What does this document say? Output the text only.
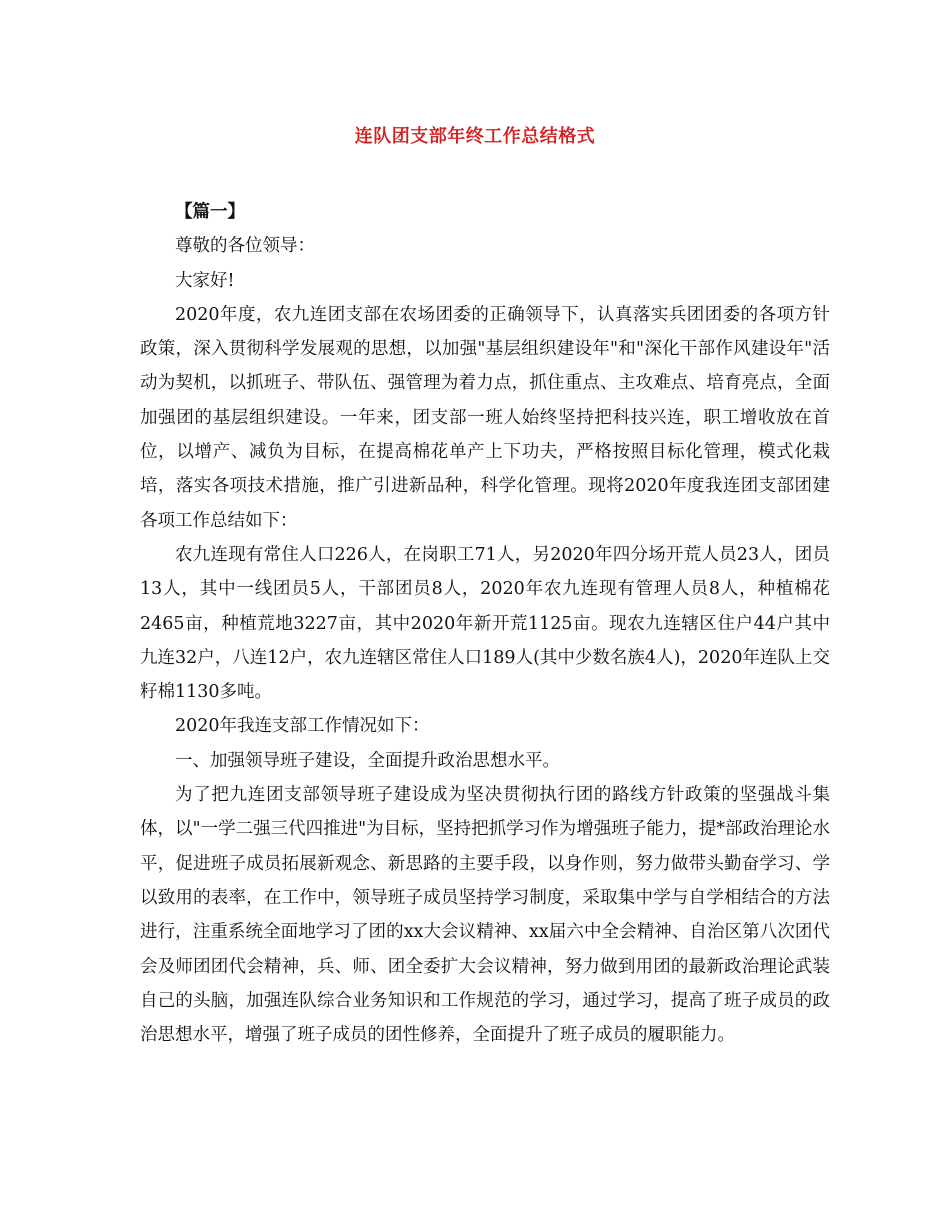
连队团支部年终工作总结格式

【篇一】

尊敬的各位领导：

大家好!

2020年度，农九连团支部在农场团委的正确领导下，认真落实兵团团委的各项方针政策，深入贯彻科学发展观的思想，以加强"基层组织建设年"和"深化干部作风建设年"活动为契机，以抓班子、带队伍、强管理为着力点，抓住重点、主攻难点、培育亮点，全面加强团的基层组织建设。一年来，团支部一班人始终坚持把科技兴连，职工增收放在首位，以增产、减负为目标，在提高棉花单产上下功夫，严格按照目标化管理，模式化栽培，落实各项技术措施，推广引进新品种，科学化管理。现将2020年度我连团支部团建各项工作总结如下：

农九连现有常住人口226人，在岗职工71人，另2020年四分场开荒人员23人，团员13人，其中一线团员5人，干部团员8人，2020年农九连现有管理人员8人，种植棉花2465亩，种植荒地3227亩，其中2020年新开荒1125亩。现农九连辖区住户44户其中九连32户，八连12户，农九连辖区常住人口189人(其中少数名族4人)，2020年连队上交籽棉1130多吨。

2020年我连支部工作情况如下：

一、加强领导班子建设，全面提升政治思想水平。

为了把九连团支部领导班子建设成为坚决贯彻执行团的路线方针政策的坚强战斗集体，以"一学二强三代四推进"为目标，坚持把抓学习作为增强班子能力，提*部政治理论水平，促进班子成员拓展新观念、新思路的主要手段，以身作则，努力做带头勤奋学习、学以致用的表率，在工作中，领导班子成员坚持学习制度，采取集中学与自学相结合的方法进行，注重系统全面地学习了团的xx大会议精神、xx届六中全会精神、自治区第八次团代会及师团团代会精神，兵、师、团全委扩大会议精神，努力做到用团的最新政治理论武装自己的头脑，加强连队综合业务知识和工作规范的学习，通过学习，提高了班子成员的政治思想水平，增强了班子成员的团性修养，全面提升了班子成员的履职能力。
